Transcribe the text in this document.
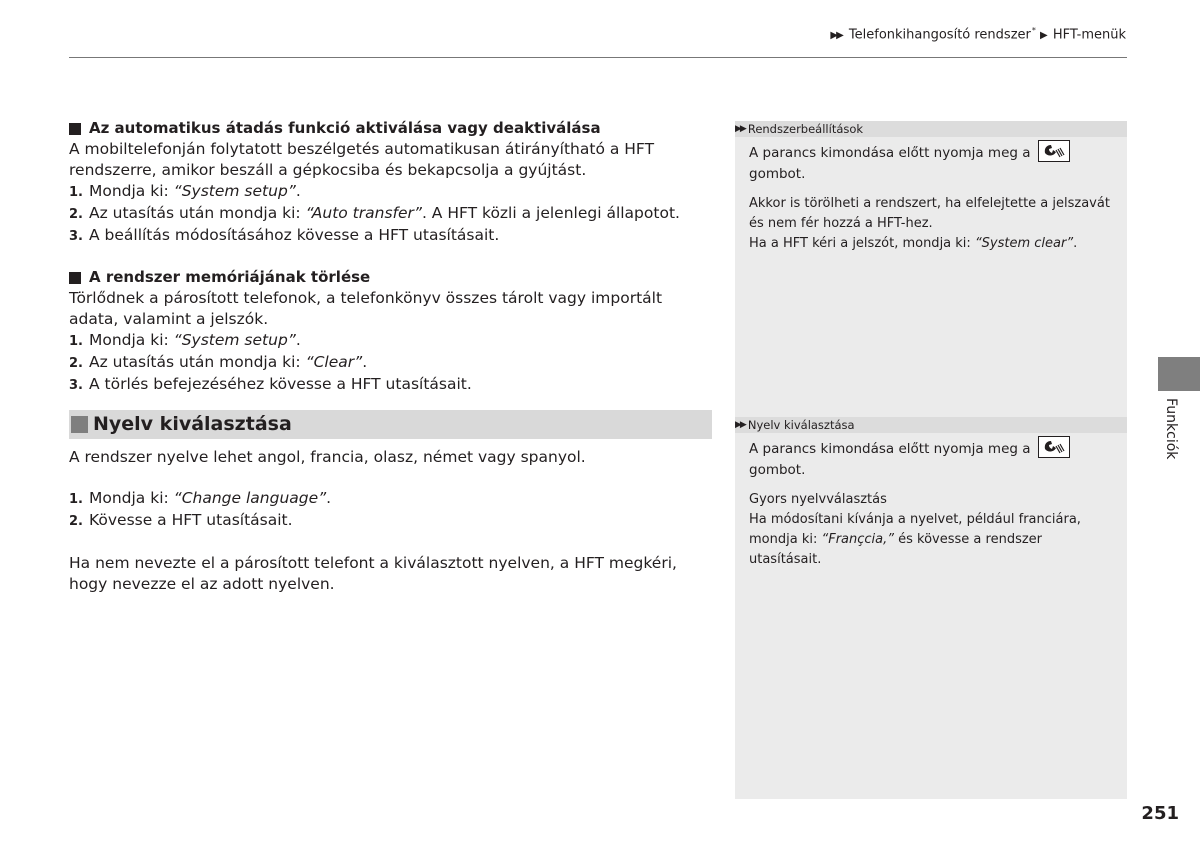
▶▶ Telefonkihangosító rendszer* ▶ HFT-menük
Az automatikus átadás funkció aktiválása vagy deaktiválása

A mobiltelefonján folytatott beszélgetés automatikusan átirányítható a HFT rendszerre, amikor beszáll a gépkocsiba és bekapcsolja a gyújtást.

1. Mondja ki: “System setup”.
2. Az utasítás után mondja ki: “Auto transfer”. A HFT közli a jelenlegi állapotot.
3. A beállítás módosításához kövesse a HFT utasításait.
A rendszer memóriájának törlése

Törlődnek a párosított telefonok, a telefonkönyv összes tárolt vagy importált adata, valamint a jelszók.

1. Mondja ki: “System setup”.
2. Az utasítás után mondja ki: “Clear”.
3. A törlés befejezéséhez kövesse a HFT utasításait.
Nyelv kiválasztása

A rendszer nyelve lehet angol, francia, olasz, német vagy spanyol.

1. Mondja ki: “Change language”.
2. Kövesse a HFT utasításait.

Ha nem nevezte el a párosított telefont a kiválasztott nyelven, a HFT megkéri, hogy nevezze el az adott nyelven.

▶▶ Rendszerbeállítások

A parancs kimondása előtt nyomja meg a
gombot.

Akkor is törölheti a rendszert, ha elfelejtette a jelszavát és nem fér hozzá a HFT-hez.

Ha a HFT kéri a jelszót, mondja ki: “System clear”.

▶▶ Nyelv kiválasztása

A parancs kimondása előtt nyomja meg a
gombot.

Gyors nyelvválasztás

Ha módosítani kívánja a nyelvet, például franciára,

mondja ki: “Françcia,” és kövesse a rendszer utasításait.

Funkciók
251
